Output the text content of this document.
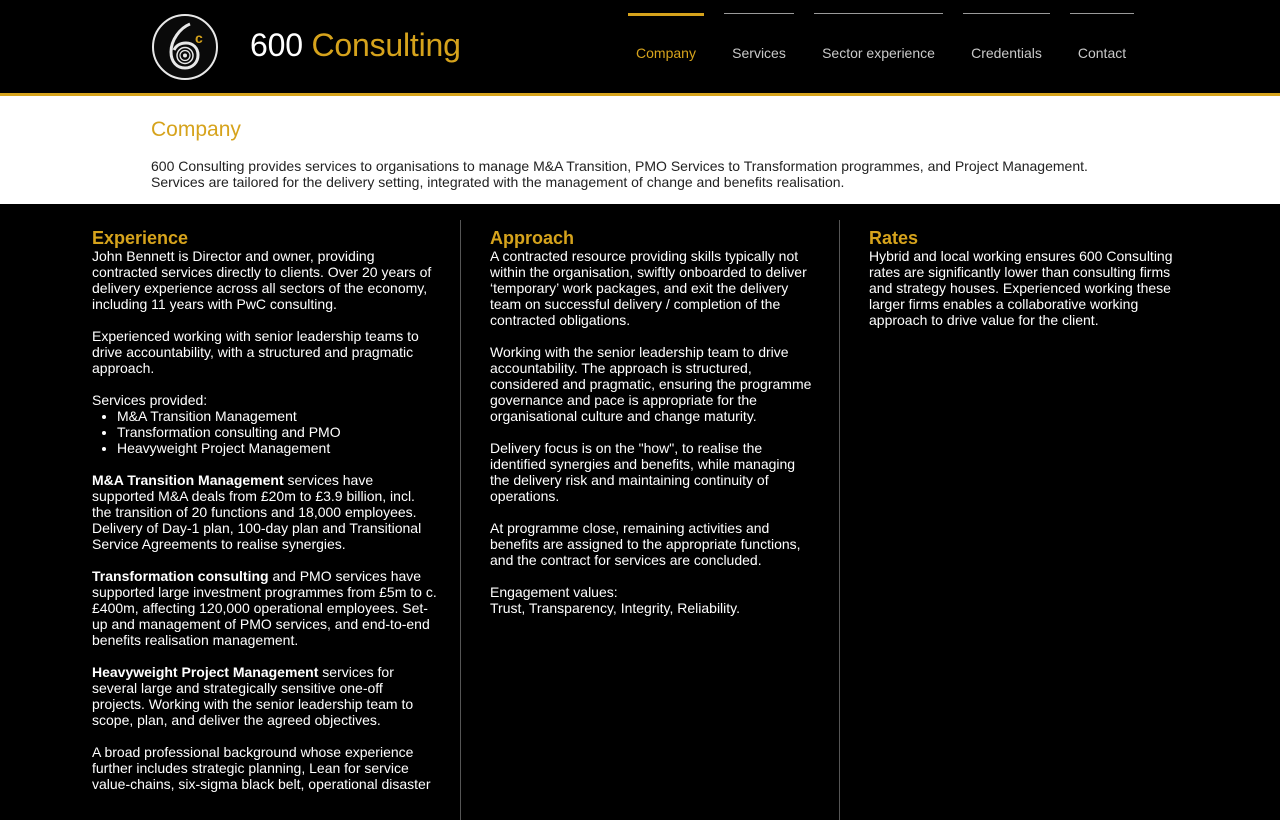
c 600 Consulting	Company	Services	Sector experience	Credentials	Contact
Company

600 Consulting provides services to organisations to manage M&A Transition, PMO Services to Transformation programmes, and Project Management.

Services are tailored for the delivery setting, integrated with the management of change and benefits realisation.

Experience

John Bennett is Director and owner, providing contracted services directly to clients. Over 20 years of delivery experience across all sectors of the economy, including 11 years with PwC consulting.

Experienced working with senior leadership teams to drive accountability, with a structured and pragmatic approach.

Services provided:
• M&A Transition Management
• Transformation consulting and PMO
• Heavyweight Project Management

M&A Transition Management services have supported M&A deals from £20m to £3.9 billion, incl. the transition of 20 functions and 18,000 employees. Delivery of Day-1 plan, 100-day plan and Transitional Service Agreements to realise synergies.

Transformation consulting and PMO services have supported large investment programmes from £5m to c.£400m, affecting 120,000 operational employees. Set-up and management of PMO services, and end-to-end benefits realisation management.

Heavyweight Project Management services for several large and strategically sensitive one-off projects. Working with the senior leadership team to scope, plan, and deliver the agreed objectives.

A broad professional background whose experience further includes strategic planning, Lean for service value-chains, six-sigma black belt, operational disaster

Approach

A contracted resource providing skills typically not within the organisation, swiftly onboarded to deliver ‘temporary’ work packages, and exit the delivery team on successful delivery / completion of the contracted obligations.

Working with the senior leadership team to drive accountability. The approach is structured, considered and pragmatic, ensuring the programme governance and pace is appropriate for the organisational culture and change maturity.

Delivery focus is on the "how", to realise the identified synergies and benefits, while managing the delivery risk and maintaining continuity of operations.

At programme close, remaining activities and benefits are assigned to the appropriate functions, and the contract for services are concluded.

Engagement values:
Trust, Transparency, Integrity, Reliability.
Rates

Hybrid and local working ensures 600 Consulting rates are significantly lower than consulting firms and strategy houses. Experienced working these larger firms enables a collaborative working approach to drive value for the client.
